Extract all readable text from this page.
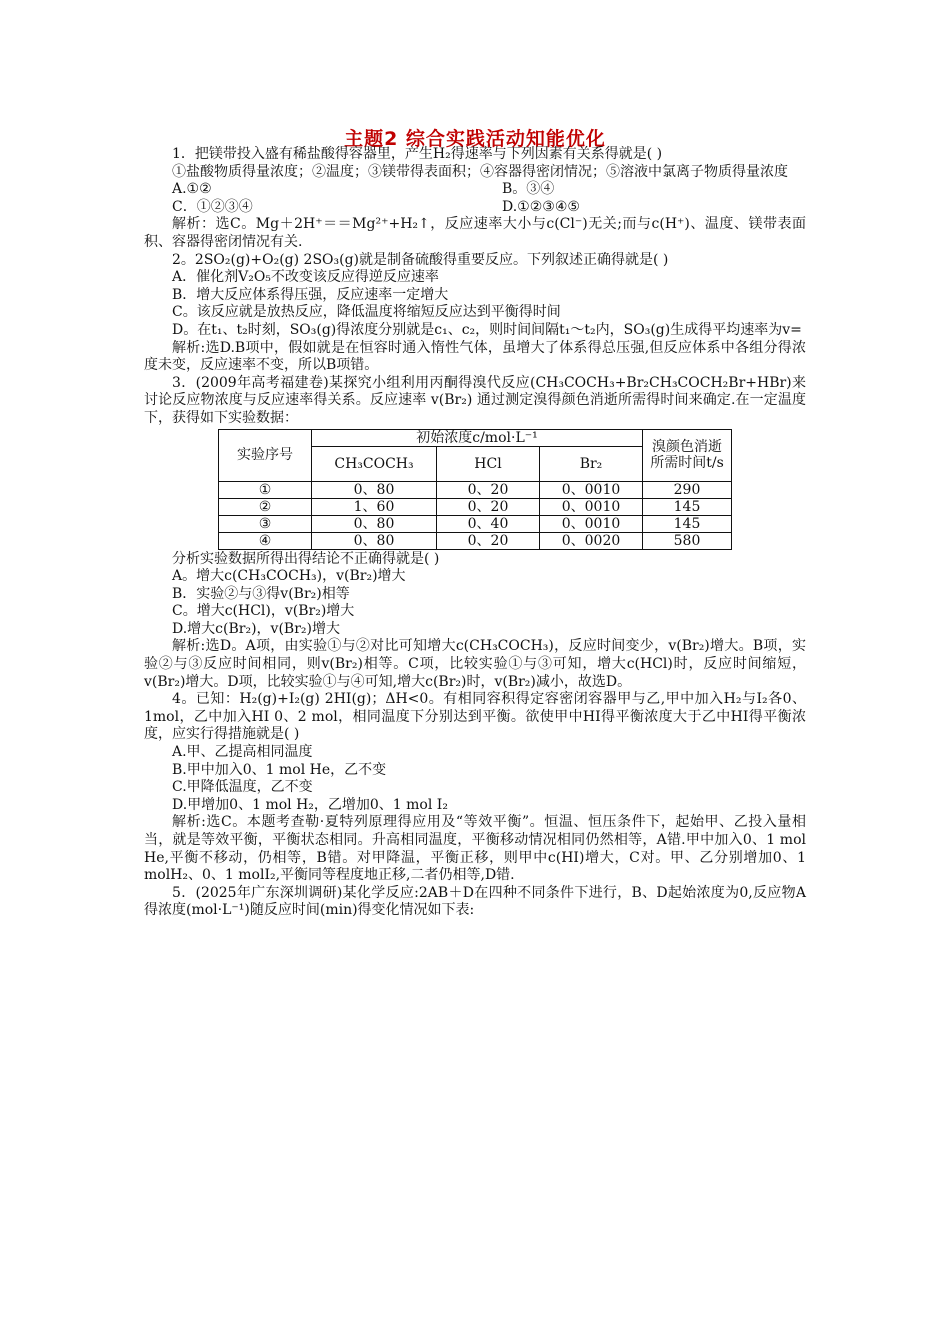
主题2 综合实践活动知能优化

1．把镁带投入盛有稀盐酸得容器里，产生H₂得速率与下列因素有关系得就是( )

①盐酸物质得量浓度；②温度；③镁带得表面积；④容器得密闭情况；⑤溶液中氯离子物质得量浓度

A.①②	B。③④
C．①②③④	D.①②③④⑤

解析：选C。Mg＋2H⁺＝＝Mg²⁺+H₂↑，反应速率大小与c(Cl⁻)无关;而与c(H⁺)、温度、镁带表面积、容器得密闭情况有关.

2。2SO₂(g)+O₂(g) 2SO₃(g)就是制备硫酸得重要反应。下列叙述正确得就是( )

A．催化剂V₂O₅不改变该反应得逆反应速率

B．增大反应体系得压强，反应速率一定增大

C。该反应就是放热反应，降低温度将缩短反应达到平衡得时间

D。在t₁、t₂时刻，SO₃(g)得浓度分别就是c₁、c₂，则时间间隔t₁～t₂内，SO₃(g)生成得平均速率为v=

解析:选D.B项中，假如就是在恒容时通入惰性气体，虽增大了体系得总压强,但反应体系中各组分得浓度未变，反应速率不变，所以B项错。

3．(2009年高考福建卷)某探究小组利用丙酮得溴代反应(CH₃COCH₃+Br₂CH₃COCH₂Br+HBr)来讨论反应物浓度与反应速率得关系。反应速率 v(Br₂) 通过测定溴得颜色消逝所需得时间来确定.在一定温度下，获得如下实验数据：

实验序号	初始浓度c/mol·L⁻¹			溴颜色消逝所需时间t/s
	CH₃COCH₃	HCl	Br₂	
①	0、80	0、20	0、0010	290
②	1、60	0、20	0、0010	145
③	0、80	0、40	0、0010	145
④	0、80	0、20	0、0020	580

分析实验数据所得出得结论不正确得就是( )

A。增大c(CH₃COCH₃)，v(Br₂)增大

B．实验②与③得v(Br₂)相等

C。增大c(HCl)，v(Br₂)增大

D.增大c(Br₂)，v(Br₂)增大

解析:选D。A项，由实验①与②对比可知增大c(CH₃COCH₃)，反应时间变少，v(Br₂)增大。B项，实验②与③反应时间相同，则v(Br₂)相等。C项，比较实验①与③可知，增大c(HCl)时，反应时间缩短，v(Br₂)增大。D项，比较实验①与④可知,增大c(Br₂)时，v(Br₂)减小，故选D。

4。已知：H₂(g)+I₂(g) 2HI(g)；ΔH<0。有相同容积得定容密闭容器甲与乙,甲中加入H₂与I₂各0、1mol，乙中加入HI 0、2 mol，相同温度下分别达到平衡。欲使甲中HI得平衡浓度大于乙中HI得平衡浓度，应实行得措施就是( )

A.甲、乙提高相同温度

B.甲中加入0、1 mol He，乙不变

C.甲降低温度，乙不变

D.甲增加0、1 mol H₂，乙增加0、1 mol I₂

解析:选C。本题考查勒·夏特列原理得应用及“等效平衡”。恒温、恒压条件下，起始甲、乙投入量相当，就是等效平衡，平衡状态相同。升高相同温度，平衡移动情况相同仍然相等，A错.甲中加入0、1 mol He,平衡不移动，仍相等，B错。对甲降温，平衡正移，则甲中c(HI)增大，C对。甲、乙分别增加0、1 molH₂、0、1 molI₂,平衡同等程度地正移,二者仍相等,D错.

5．(2025年广东深圳调研)某化学反应:2AB＋D在四种不同条件下进行，B、D起始浓度为0,反应物A得浓度(mol·L⁻¹)随反应时间(min)得变化情况如下表:
